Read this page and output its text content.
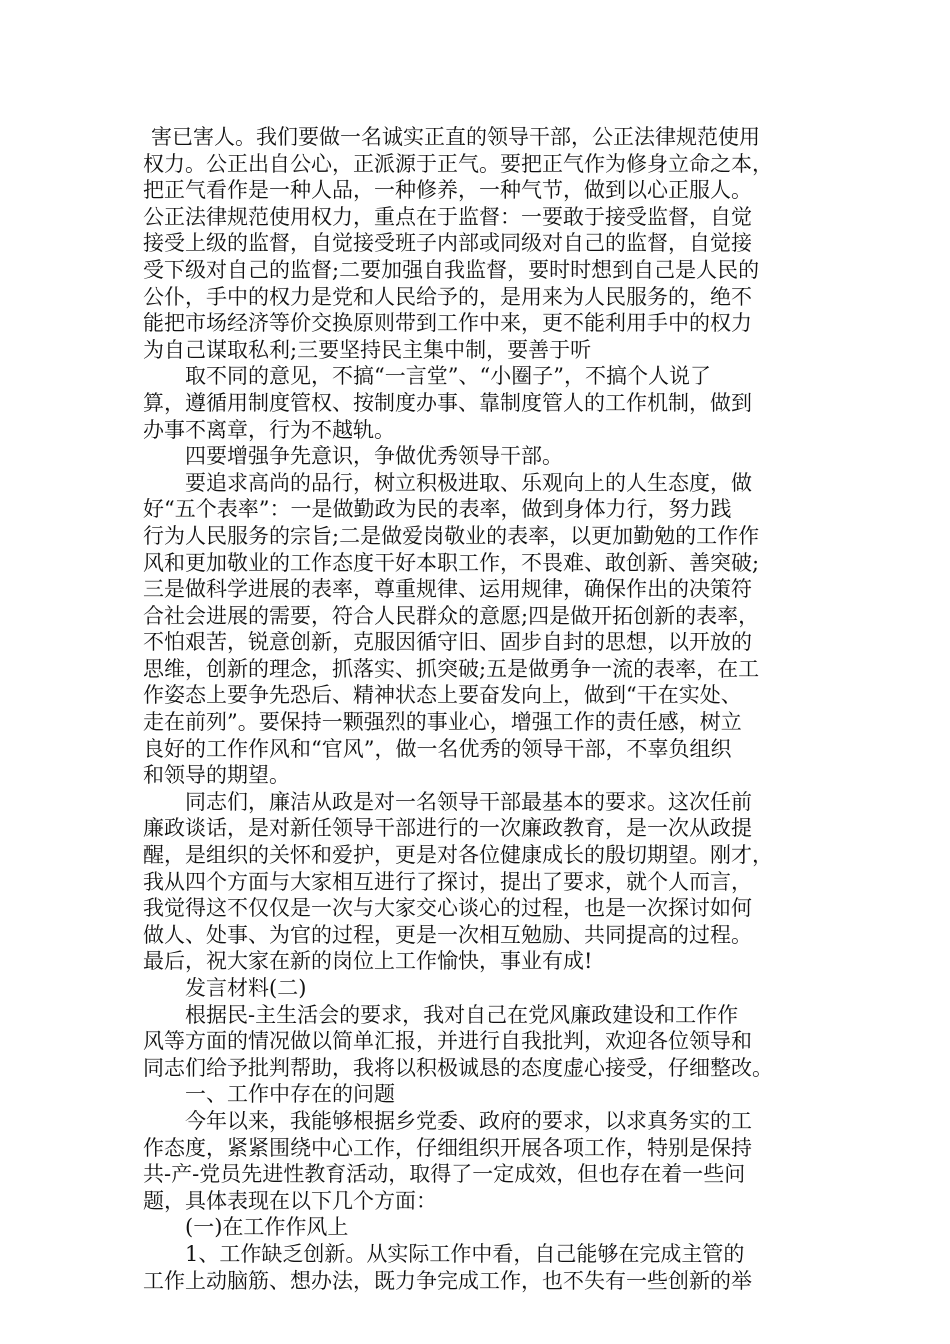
害已害人。我们要做一名诚实正直的领导干部，公正法律规范使用
权力。公正出自公心，正派源于正气。要把正气作为修身立命之本，
把正气看作是一种人品，一种修养，一种气节，做到以心正服人。
公正法律规范使用权力，重点在于监督：一要敢于接受监督，自觉
接受上级的监督，自觉接受班子内部或同级对自己的监督，自觉接
受下级对自己的监督;二要加强自我监督，要时时想到自己是人民的
公仆，手中的权力是党和人民给予的，是用来为人民服务的，绝不
能把市场经济等价交换原则带到工作中来，更不能利用手中的权力
为自己谋取私利;三要坚持民主集中制，要善于听
取不同的意见，不搞“一言堂”、“小圈子”，不搞个人说了
算，遵循用制度管权、按制度办事、靠制度管人的工作机制，做到
办事不离章，行为不越轨。
四要增强争先意识，争做优秀领导干部。
要追求高尚的品行，树立积极进取、乐观向上的人生态度，做
好“五个表率”：一是做勤政为民的表率，做到身体力行，努力践
行为人民服务的宗旨;二是做爱岗敬业的表率，以更加勤勉的工作作
风和更加敬业的工作态度干好本职工作，不畏难、敢创新、善突破;
三是做科学进展的表率，尊重规律、运用规律，确保作出的决策符
合社会进展的需要，符合人民群众的意愿;四是做开拓创新的表率，
不怕艰苦，锐意创新，克服因循守旧、固步自封的思想，以开放的
思维，创新的理念，抓落实、抓突破;五是做勇争一流的表率，在工
作姿态上要争先恐后、精神状态上要奋发向上，做到“干在实处、
走在前列”。要保持一颗强烈的事业心，增强工作的责任感，树立
良好的工作作风和“官风”，做一名优秀的领导干部，不辜负组织
和领导的期望。
同志们，廉洁从政是对一名领导干部最基本的要求。这次任前
廉政谈话，是对新任领导干部进行的一次廉政教育，是一次从政提
醒，是组织的关怀和爱护，更是对各位健康成长的殷切期望。刚才，
我从四个方面与大家相互进行了探讨，提出了要求，就个人而言，
我觉得这不仅仅是一次与大家交心谈心的过程，也是一次探讨如何
做人、处事、为官的过程，更是一次相互勉励、共同提高的过程。
最后，祝大家在新的岗位上工作愉快，事业有成!
发言材料(二)
根据民-主生活会的要求，我对自己在党风廉政建设和工作作
风等方面的情况做以简单汇报，并进行自我批判，欢迎各位领导和
同志们给予批判帮助，我将以积极诚恳的态度虚心接受，仔细整改。
一、工作中存在的问题
今年以来，我能够根据乡党委、政府的要求，以求真务实的工
作态度，紧紧围绕中心工作，仔细组织开展各项工作，特别是保持
共-产-党员先进性教育活动，取得了一定成效，但也存在着一些问
题，具体表现在以下几个方面：
(一)在工作作风上
1、工作缺乏创新。从实际工作中看，自己能够在完成主管的
工作上动脑筋、想办法，既力争完成工作，也不失有一些创新的举
